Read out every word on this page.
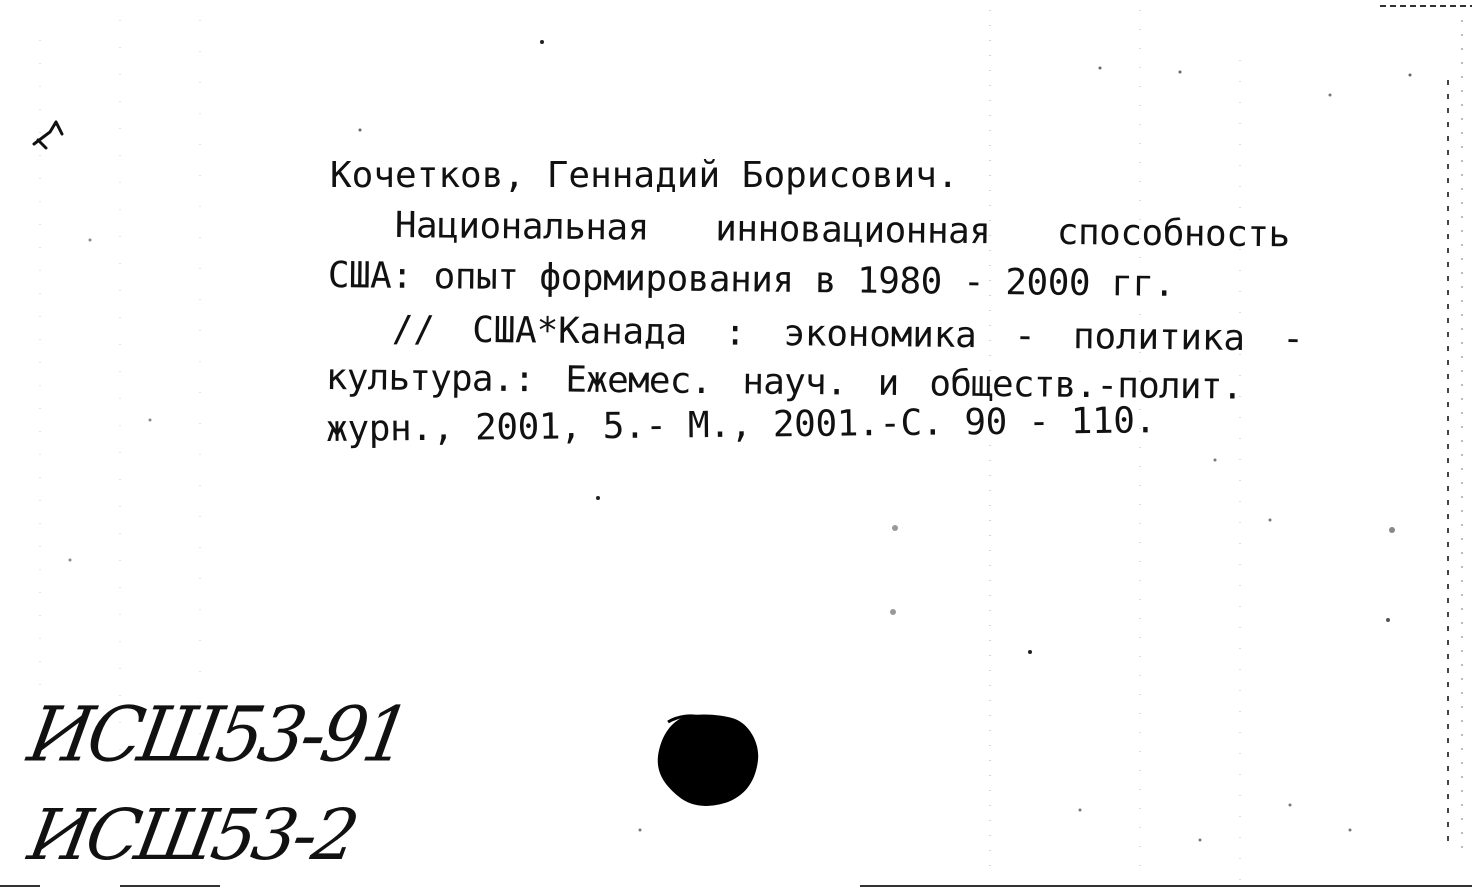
Кочетков, Геннадий Борисович.
Национальная  инновационная  способность
США: опыт формирования в 1980 - 2000 гг.
// США*Канада : экономика - политика -
культура.: Ежемес. науч. и обществ.-полит.
журн., 2001, 5.- М., 2001.-С. 90 - 110.
ИСШ53-91
ИСШ53-2
